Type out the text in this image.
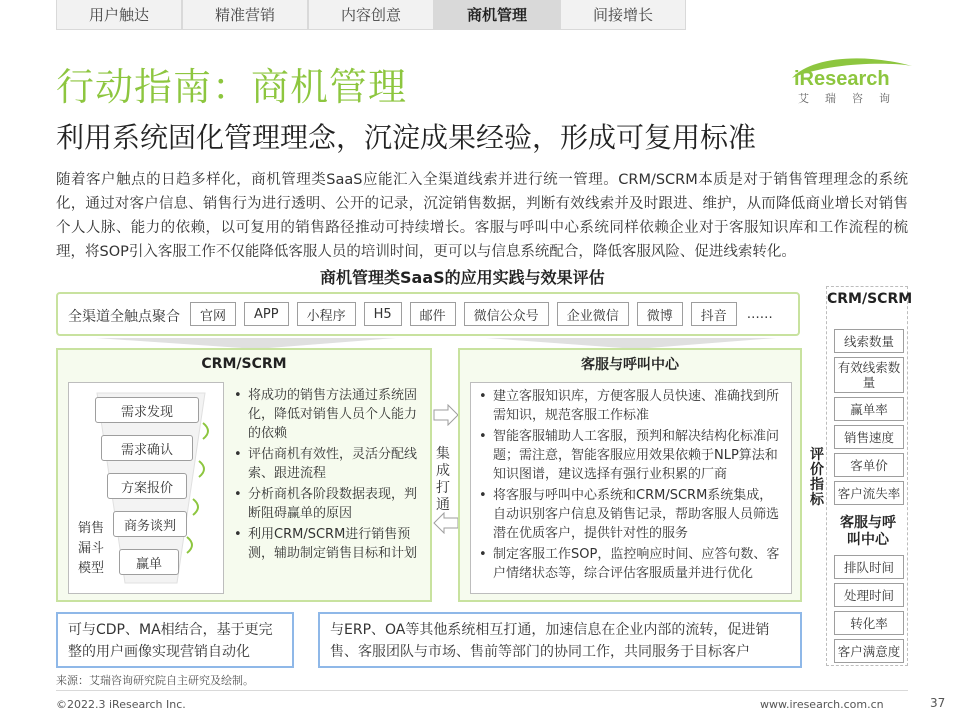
用户触达	精准营销	内容创意	商机管理	间接增长
行动指南：商机管理
利用系统固化管理理念，沉淀成果经验，形成可复用标准
iResearch
艾瑞咨询
随着客户触点的日趋多样化，商机管理类SaaS应能汇入全渠道线索并进行统一管理。CRM/SCRM本质是对于销售管理理念的系统化，通过对客户信息、销售行为进行透明、公开的记录，沉淀销售数据，判断有效线索并及时跟进、维护，从而降低商业增长对销售个人人脉、能力的依赖，以可复用的销售路径推动可持续增长。客服与呼叫中心系统同样依赖企业对于客服知识库和工作流程的梳理，将SOP引入客服工作不仅能降低客服人员的培训时间，更可以与信息系统配合，降低客服风险、促进线索转化。
商机管理类SaaS的应用实践与效果评估
全渠道全触点聚合	官网	APP	小程序	H5	邮件	微信公众号	企业微信	微博	抖音	……
CRM/SCRM
需求发现
需求确认
方案报价
商务谈判
赢单
销售漏斗模型
• 将成功的销售方法通过系统固化，降低对销售人员个人能力的依赖
• 评估商机有效性，灵活分配线索、跟进流程
• 分析商机各阶段数据表现，判断阻碍赢单的原因
• 利用CRM/SCRM进行销售预测，辅助制定销售目标和计划
集成打通
客服与呼叫中心
• 建立客服知识库，方便客服人员快速、准确找到所需知识，规范客服工作标准
• 智能客服辅助人工客服，预判和解决结构化标准问题；需注意，智能客服应用效果依赖于NLP算法和知识图谱，建议选择有强行业积累的厂商
• 将客服与呼叫中心系统和CRM/SCRM系统集成，自动识别客户信息及销售记录，帮助客服人员筛选潜在优质客户，提供针对性的服务
• 制定客服工作SOP，监控响应时间、应答句数、客户情绪状态等，综合评估客服质量并进行优化
可与CDP、MA相结合，基于更完整的用户画像实现营销自动化
与ERP、OA等其他系统相互打通，加速信息在企业内部的流转，促进销售、客服团队与市场、售前等部门的协同工作，共同服务于目标客户
评价指标
CRM/SCRM
线索数量
有效线索数量
赢单率
销售速度
客单价
客户流失率
客服与呼叫中心
排队时间
处理时间
转化率
客户满意度
来源：艾瑞咨询研究院自主研究及绘制。
©2022.3 iResearch Inc.	www.iresearch.com.cn	37
